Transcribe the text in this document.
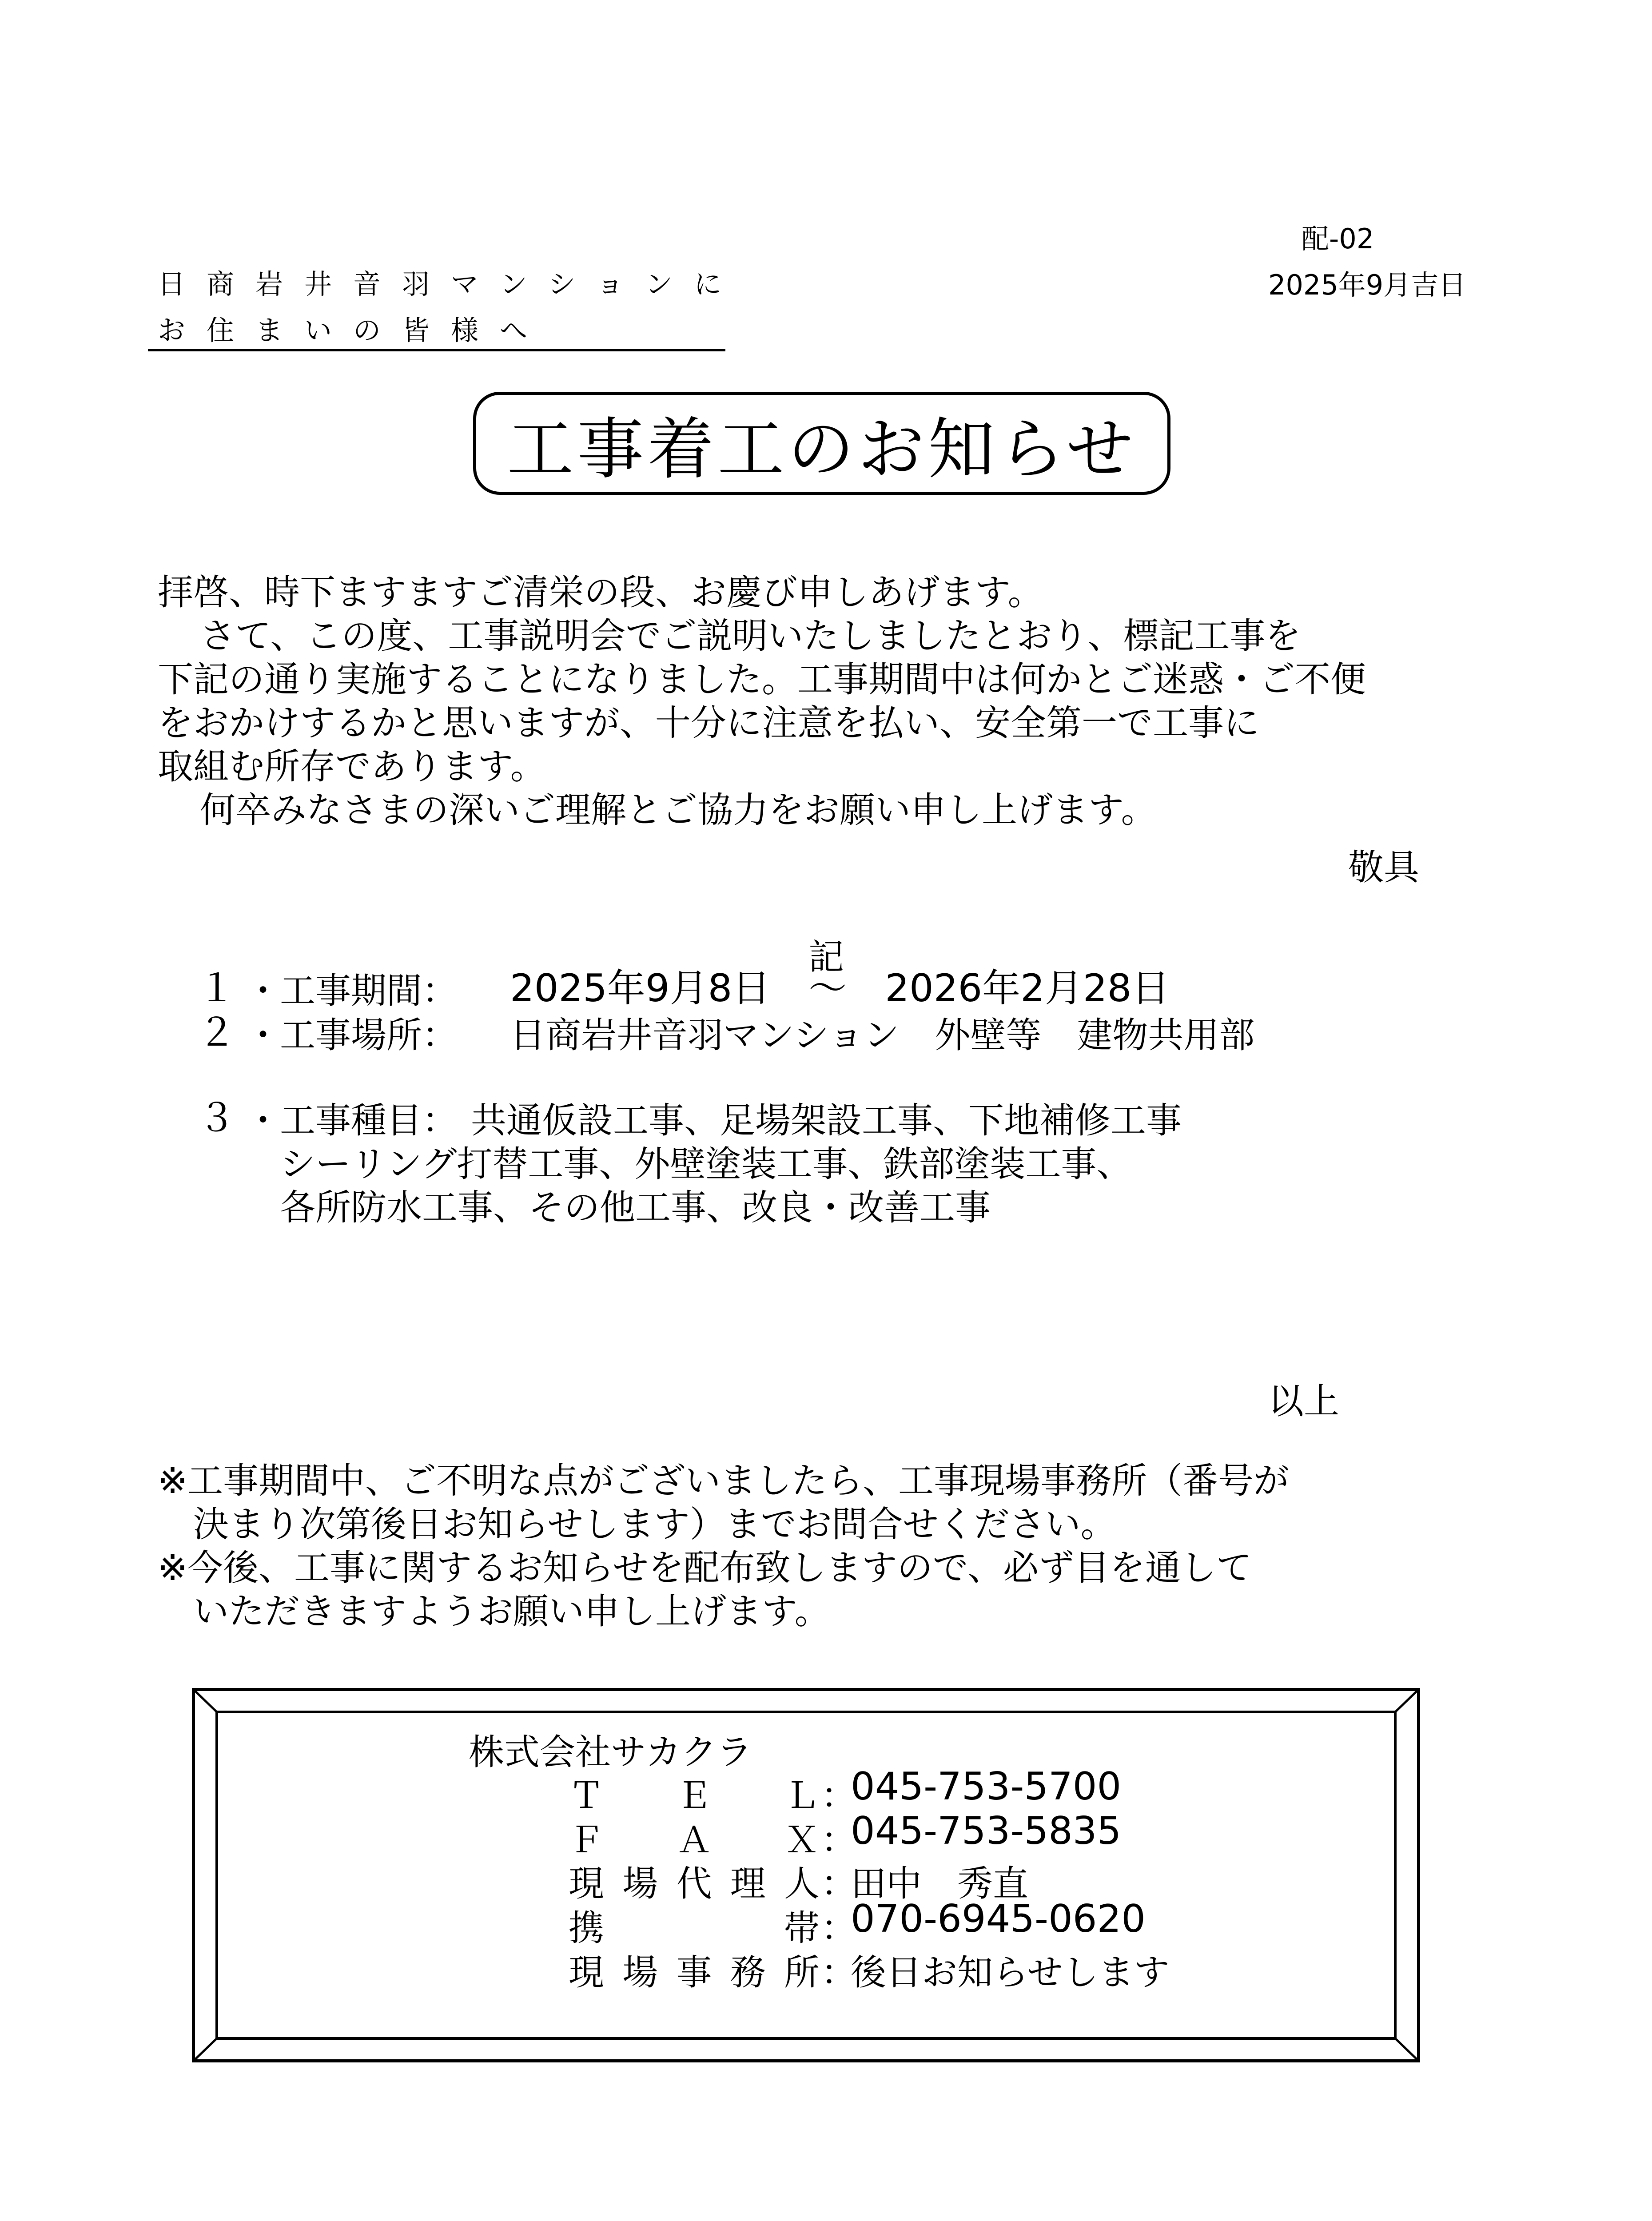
配-02
2025年9月吉日
日商岩井音羽マンションに
お住まいの皆様へ
工事着工のお知らせ

拝啓、時下ますますご清栄の段、お慶び申しあげます。

さて、この度、工事説明会でご説明いたしましたとおり、標記工事を

下記の通り実施することになりました。工事期間中は何かとご迷惑・ご不便

をおかけするかと思いますが、十分に注意を払い、安全第一で工事に

取組む所存であります。

何卒みなさまの深いご理解とご協力をお願い申し上げます。

敬具
記
１ ・
工事期間： 2025年9月8日　～　2026年2月28日
２ ・
工事場所： 日商岩井音羽マンション　外壁等　建物共用部
３ ・
工事種目： 共通仮設工事、足場架設工事、下地補修工事
シーリング打替工事、外壁塗装工事、鉄部塗装工事、
各所防水工事、その他工事、改良・改善工事
以上

※工事期間中、ご不明な点がございましたら、工事現場事務所（番号が

　決まり次第後日お知らせします）までお問合せください。

※今後、工事に関するお知らせを配布致しますので、必ず目を通して

　いただきますようお願い申し上げます。

株式会社サカクラ
Ｔ Ｅ Ｌ ：
045-753-5700
Ｆ Ａ Ｘ ：
045-753-5835
現 場 代 理 人 ：
田中　秀直
携	帯 ：
070-6945-0620
現 場 事 務 所 ：
後日お知らせします
